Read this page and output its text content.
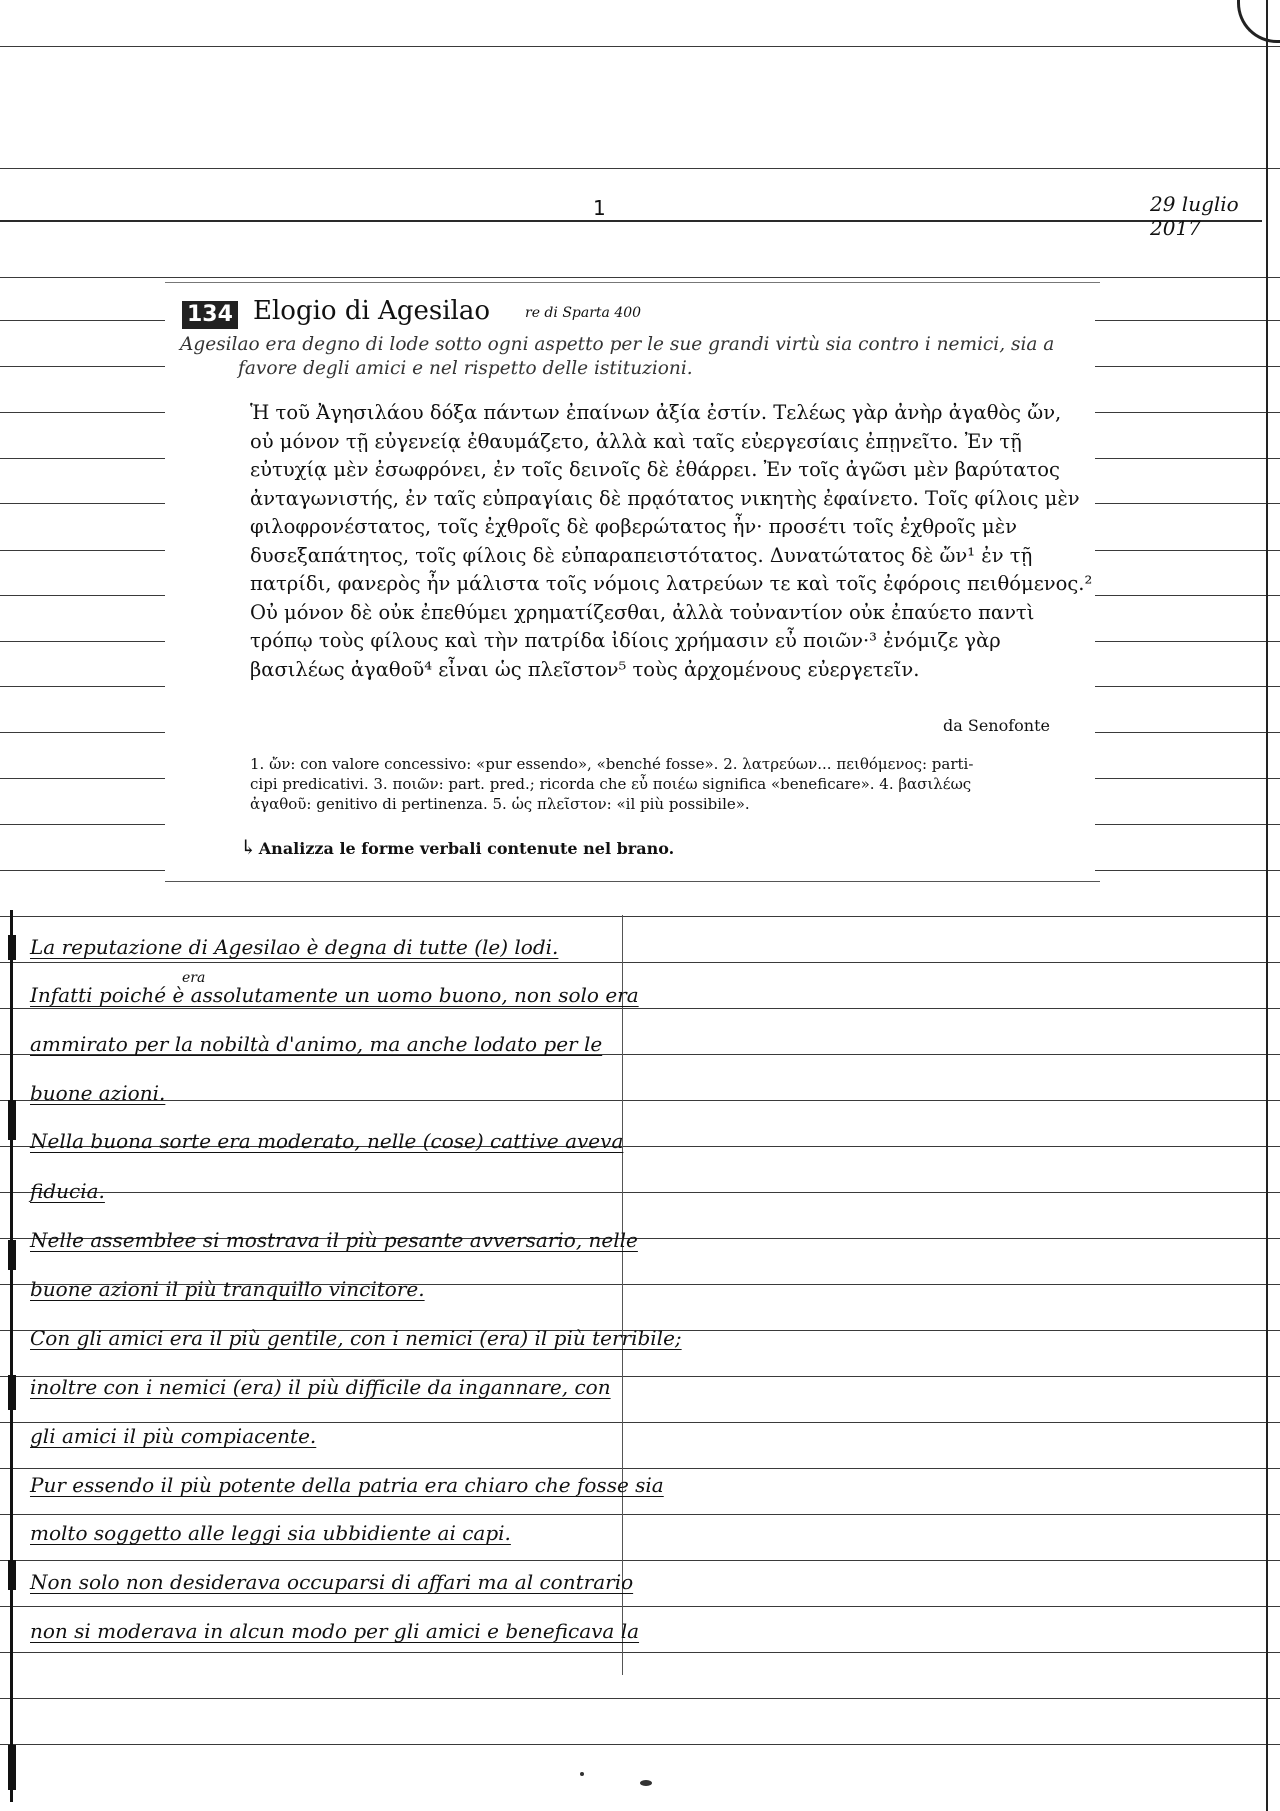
1	29 luglio 2017
134 Elogio di Agesilao	re di Sparta 400
Agesilao era degno di lode sotto ogni aspetto per le sue grandi virtù sia contro i nemici, sia a
favore degli amici e nel rispetto delle istituzioni.
Ἡ τοῦ Ἀγησιλάου δόξα πάντων ἐπαίνων ἀξία ἐστίν. Τελέως γὰρ ἀνὴρ ἀγαθὸς ὤν,
οὐ μόνον τῇ εὐγενείᾳ ἐθαυμάζετο, ἀλλὰ καὶ ταῖς εὐεργεσίαις ἐπῃνεῖτο. Ἐν τῇ
εὐτυχίᾳ μὲν ἐσωφρόνει, ἐν τοῖς δεινοῖς δὲ ἐθάρρει. Ἐν τοῖς ἀγῶσι μὲν βαρύτατος
ἀνταγωνιστής, ἐν ταῖς εὐπραγίαις δὲ πρᾳότατος νικητὴς ἐφαίνετο. Τοῖς φίλοις μὲν
φιλοφρονέστατος, τοῖς ἐχθροῖς δὲ φοβερώτατος ἦν· προσέτι τοῖς ἐχθροῖς μὲν
δυσεξαπάτητος, τοῖς φίλοις δὲ εὐπαραπειστότατος. Δυνατώτατος δὲ ὤν¹ ἐν τῇ
πατρίδι, φανερὸς ἦν μάλιστα τοῖς νόμοις λατρεύων τε καὶ τοῖς ἐφόροις πειθόμενος.²
Οὐ μόνον δὲ οὐκ ἐπεθύμει χρηματίζεσθαι, ἀλλὰ τοὐναντίον οὐκ ἐπαύετο παντὶ
τρόπῳ τοὺς φίλους καὶ τὴν πατρίδα ἰδίοις χρήμασιν εὖ ποιῶν·³ ἐνόμιζε γὰρ
βασιλέως ἀγαθοῦ⁴ εἶναι ὡς πλεῖστον⁵ τοὺς ἀρχομένους εὐεργετεῖν.
da Senofonte
1. ὤν: con valore concessivo: «pur essendo», «benché fosse». 2. λατρεύων... πειθόμενος: parti-
cipi predicativi. 3. ποιῶν: part. pred.; ricorda che εὖ ποιέω significa «beneficare». 4. βασιλέως
ἀγαθοῦ: genitivo di pertinenza. 5. ὡς πλεῖστον: «il più possibile».
↳ Analizza le forme verbali contenute nel brano.
era
La reputazione di Agesilao è degna di tutte (le) lodi.
Infatti poiché è assolutamente un uomo buono, non solo era
ammirato per la nobiltà d'animo, ma anche lodato per le
buone azioni.
Nella buona sorte era moderato, nelle (cose) cattive aveva
fiducia.
Nelle assemblee si mostrava il più pesante avversario, nelle
buone azioni il più tranquillo vincitore.
Con gli amici era il più gentile, con i nemici (era) il più terribile;
inoltre con i nemici (era) il più difficile da ingannare, con
gli amici il più compiacente.
Pur essendo il più potente della patria era chiaro che fosse sia
molto soggetto alle leggi sia ubbidiente ai capi.
Non solo non desiderava occuparsi di affari ma al contrario
non si moderava in alcun modo per gli amici e beneficava la
